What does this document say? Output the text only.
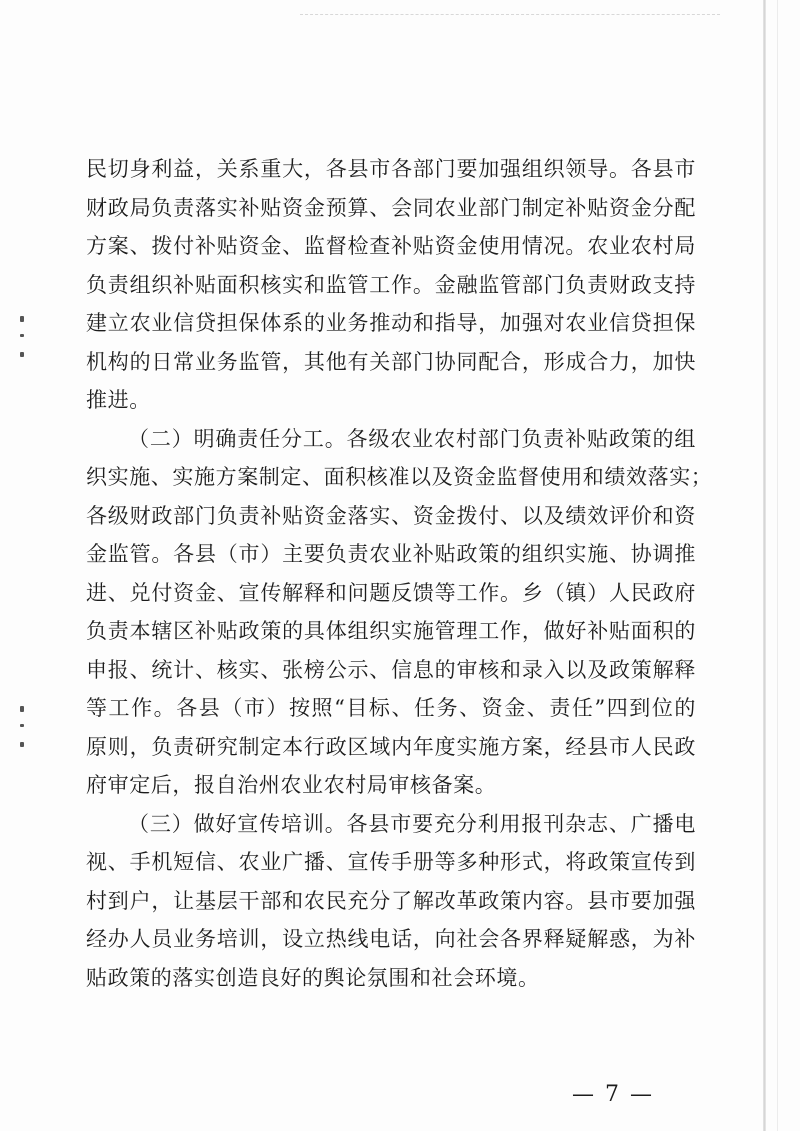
民切身利益，关系重大，各县市各部门要加强组织领导。各县市
财政局负责落实补贴资金预算、会同农业部门制定补贴资金分配
方案、拨付补贴资金、监督检查补贴资金使用情况。农业农村局
负责组织补贴面积核实和监管工作。金融监管部门负责财政支持
建立农业信贷担保体系的业务推动和指导，加强对农业信贷担保
机构的日常业务监管，其他有关部门协同配合，形成合力，加快
推进。
（二）明确责任分工。各级农业农村部门负责补贴政策的组
织实施、实施方案制定、面积核准以及资金监督使用和绩效落实；
各级财政部门负责补贴资金落实、资金拨付、以及绩效评价和资
金监管。各县（市）主要负责农业补贴政策的组织实施、协调推
进、兑付资金、宣传解释和问题反馈等工作。乡（镇）人民政府
负责本辖区补贴政策的具体组织实施管理工作，做好补贴面积的
申报、统计、核实、张榜公示、信息的审核和录入以及政策解释
等工作。各县（市）按照“目标、任务、资金、责任”四到位的
原则，负责研究制定本行政区域内年度实施方案，经县市人民政
府审定后，报自治州农业农村局审核备案。
（三）做好宣传培训。各县市要充分利用报刊杂志、广播电
视、手机短信、农业广播、宣传手册等多种形式，将政策宣传到
村到户，让基层干部和农民充分了解改革政策内容。县市要加强
经办人员业务培训，设立热线电话，向社会各界释疑解惑，为补
贴政策的落实创造良好的舆论氛围和社会环境。
— 7 —
